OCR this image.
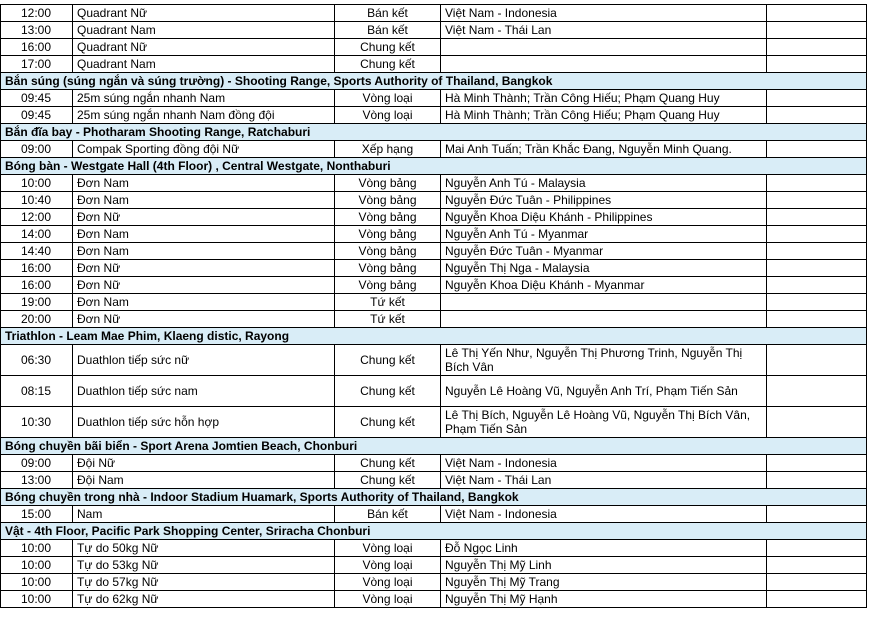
12:00	Quadrant Nữ	Bán kết	Việt Nam - Indonesia	
13:00	Quadrant Nam	Bán kết	Việt Nam - Thái Lan	
16:00	Quadrant Nữ	Chung kết		
17:00	Quadrant Nam	Chung kết		
Bắn súng (súng ngắn và súng trường) - Shooting Range, Sports Authority of Thailand, Bangkok				
09:45	25m súng ngắn nhanh Nam	Vòng loại	Hà Minh Thành; Trần Công Hiếu; Phạm Quang Huy	
09:45	25m súng ngắn nhanh Nam đồng đội	Vòng loại	Hà Minh Thành; Trần Công Hiếu; Phạm Quang Huy	
Bắn đĩa bay - Photharam Shooting Range, Ratchaburi				
09:00	Compak Sporting đồng đội Nữ	Xếp hạng	Mai Anh Tuấn; Trần Khắc Đang, Nguyễn Minh Quang.	
Bóng bàn - Westgate Hall (4th Floor) , Central Westgate, Nonthaburi				
10:00	Đơn Nam	Vòng bảng	Nguyễn Anh Tú - Malaysia	
10:40	Đơn Nam	Vòng bảng	Nguyễn Đức Tuân - Philippines	
12:00	Đơn Nữ	Vòng bảng	Nguyễn Khoa Diệu Khánh - Philippines	
14:00	Đơn Nam	Vòng bảng	Nguyễn Anh Tú - Myanmar	
14:40	Đơn Nam	Vòng bảng	Nguyễn Đức Tuân - Myanmar	
16:00	Đơn Nữ	Vòng bảng	Nguyễn Thị Nga - Malaysia	
16:00	Đơn Nữ	Vòng bảng	Nguyễn Khoa Diệu Khánh - Myanmar	
19:00	Đơn Nam	Tứ kết		
20:00	Đơn Nữ	Tứ kết		
Triathlon - Leam Mae Phim, Klaeng distic, Rayong				
06:30	Duathlon tiếp sức nữ	Chung kết	Lê Thị Yến Như, Nguyễn Thị Phương Trinh, Nguyễn Thị Bích Vân	
08:15	Duathlon tiếp sức nam	Chung kết	Nguyễn Lê Hoàng Vũ, Nguyễn Anh Trí, Phạm Tiến Sản	
10:30	Duathlon tiếp sức hỗn hợp	Chung kết	Lê Thị Bích, Nguyễn Lê Hoàng Vũ, Nguyễn Thị Bích Vân, Phạm Tiến Sản	
Bóng chuyền bãi biển - Sport Arena Jomtien Beach, Chonburi				
09:00	Đội Nữ	Chung kết	Việt Nam - Indonesia	
13:00	Đội Nam	Chung kết	Việt Nam - Thái Lan	
Bóng chuyền trong nhà - Indoor Stadium Huamark, Sports Authority of Thailand, Bangkok				
15:00	Nam	Bán kết	Việt Nam - Indonesia	
Vật - 4th Floor, Pacific Park Shopping Center, Sriracha Chonburi				
10:00	Tự do 50kg Nữ	Vòng loại	Đỗ Ngọc Linh	
10:00	Tự do 53kg Nữ	Vòng loại	Nguyễn Thị Mỹ Linh	
10:00	Tự do 57kg Nữ	Vòng loại	Nguyễn Thị Mỹ Trang	
10:00	Tự do 62kg Nữ	Vòng loại	Nguyễn Thị Mỹ Hạnh	
